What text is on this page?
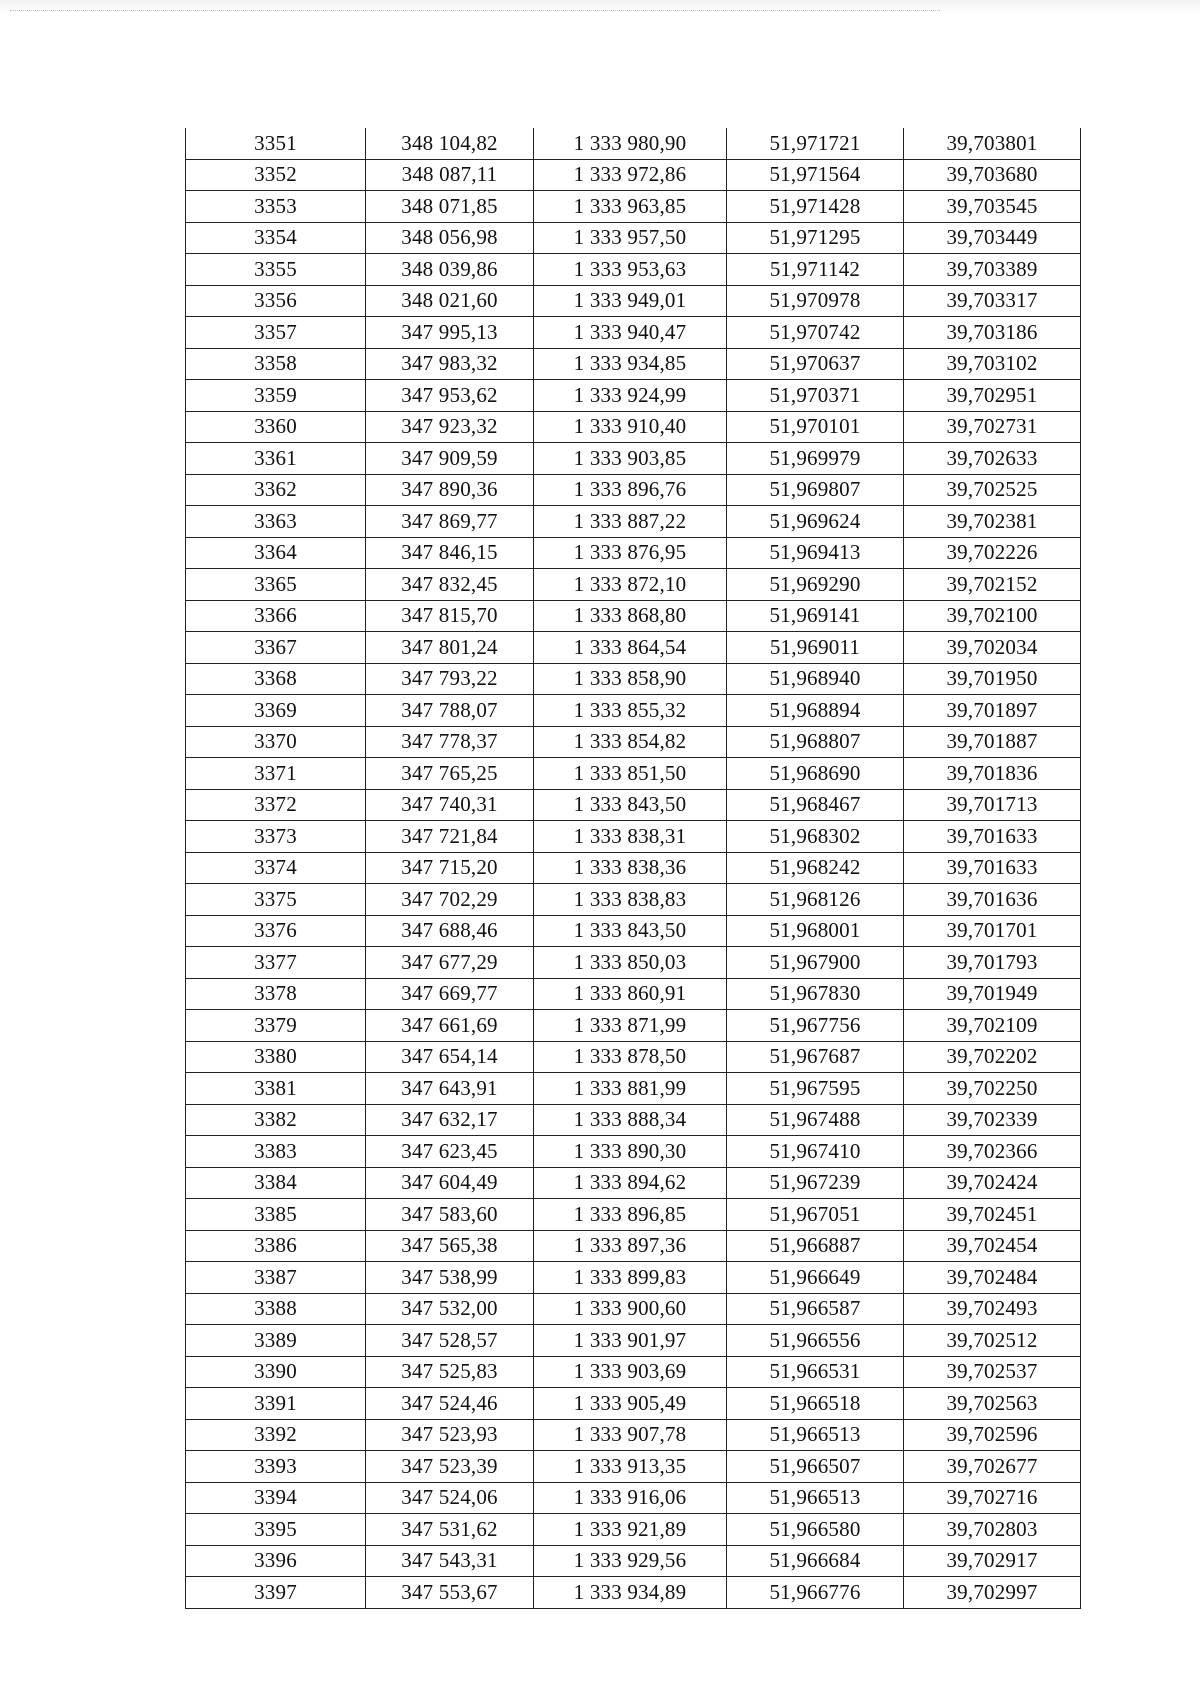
3351	348 104,82	1 333 980,90	51,971721	39,703801
3352	348 087,11	1 333 972,86	51,971564	39,703680
3353	348 071,85	1 333 963,85	51,971428	39,703545
3354	348 056,98	1 333 957,50	51,971295	39,703449
3355	348 039,86	1 333 953,63	51,971142	39,703389
3356	348 021,60	1 333 949,01	51,970978	39,703317
3357	347 995,13	1 333 940,47	51,970742	39,703186
3358	347 983,32	1 333 934,85	51,970637	39,703102
3359	347 953,62	1 333 924,99	51,970371	39,702951
3360	347 923,32	1 333 910,40	51,970101	39,702731
3361	347 909,59	1 333 903,85	51,969979	39,702633
3362	347 890,36	1 333 896,76	51,969807	39,702525
3363	347 869,77	1 333 887,22	51,969624	39,702381
3364	347 846,15	1 333 876,95	51,969413	39,702226
3365	347 832,45	1 333 872,10	51,969290	39,702152
3366	347 815,70	1 333 868,80	51,969141	39,702100
3367	347 801,24	1 333 864,54	51,969011	39,702034
3368	347 793,22	1 333 858,90	51,968940	39,701950
3369	347 788,07	1 333 855,32	51,968894	39,701897
3370	347 778,37	1 333 854,82	51,968807	39,701887
3371	347 765,25	1 333 851,50	51,968690	39,701836
3372	347 740,31	1 333 843,50	51,968467	39,701713
3373	347 721,84	1 333 838,31	51,968302	39,701633
3374	347 715,20	1 333 838,36	51,968242	39,701633
3375	347 702,29	1 333 838,83	51,968126	39,701636
3376	347 688,46	1 333 843,50	51,968001	39,701701
3377	347 677,29	1 333 850,03	51,967900	39,701793
3378	347 669,77	1 333 860,91	51,967830	39,701949
3379	347 661,69	1 333 871,99	51,967756	39,702109
3380	347 654,14	1 333 878,50	51,967687	39,702202
3381	347 643,91	1 333 881,99	51,967595	39,702250
3382	347 632,17	1 333 888,34	51,967488	39,702339
3383	347 623,45	1 333 890,30	51,967410	39,702366
3384	347 604,49	1 333 894,62	51,967239	39,702424
3385	347 583,60	1 333 896,85	51,967051	39,702451
3386	347 565,38	1 333 897,36	51,966887	39,702454
3387	347 538,99	1 333 899,83	51,966649	39,702484
3388	347 532,00	1 333 900,60	51,966587	39,702493
3389	347 528,57	1 333 901,97	51,966556	39,702512
3390	347 525,83	1 333 903,69	51,966531	39,702537
3391	347 524,46	1 333 905,49	51,966518	39,702563
3392	347 523,93	1 333 907,78	51,966513	39,702596
3393	347 523,39	1 333 913,35	51,966507	39,702677
3394	347 524,06	1 333 916,06	51,966513	39,702716
3395	347 531,62	1 333 921,89	51,966580	39,702803
3396	347 543,31	1 333 929,56	51,966684	39,702917
3397	347 553,67	1 333 934,89	51,966776	39,702997
